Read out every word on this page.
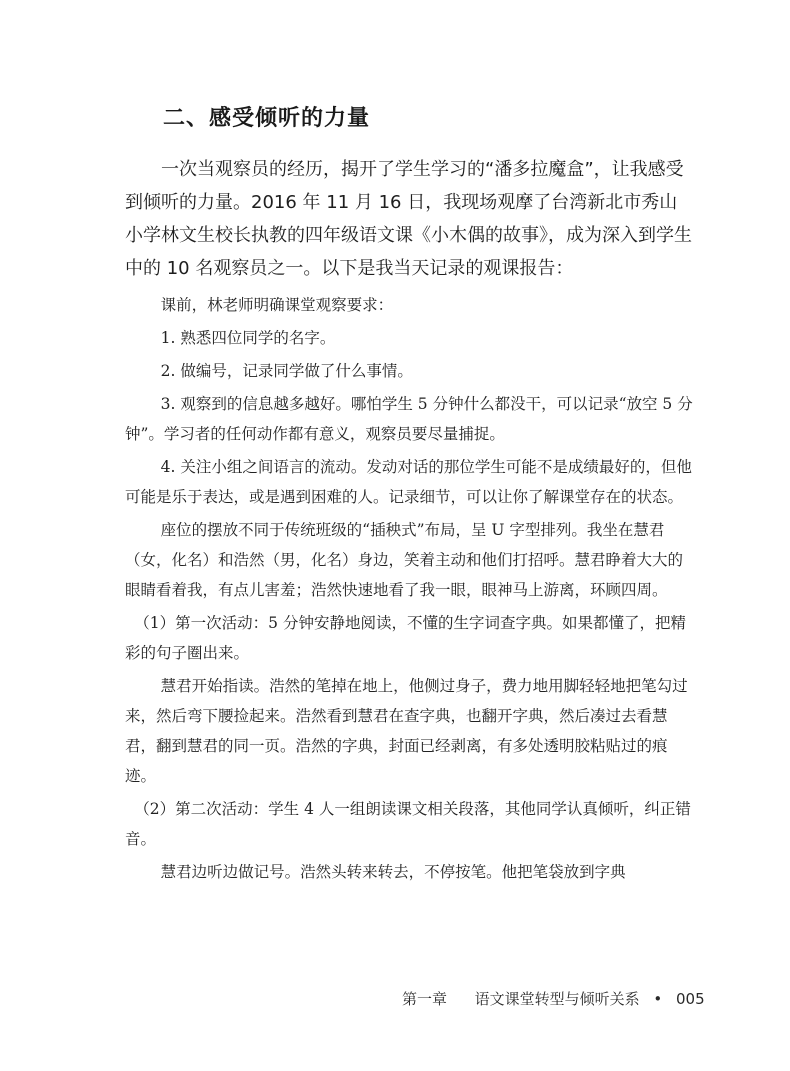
二、感受倾听的力量

一次当观察员的经历，揭开了学生学习的“潘多拉魔盒”，让我感受到倾听的力量。2016 年 11 月 16 日，我现场观摩了台湾新北市秀山小学林文生校长执教的四年级语文课《小木偶的故事》，成为深入到学生中的 10 名观察员之一。以下是我当天记录的观课报告：

课前，林老师明确课堂观察要求：

1. 熟悉四位同学的名字。

2. 做编号，记录同学做了什么事情。

3. 观察到的信息越多越好。哪怕学生 5 分钟什么都没干，可以记录“放空 5 分钟”。学习者的任何动作都有意义，观察员要尽量捕捉。

4. 关注小组之间语言的流动。发动对话的那位学生可能不是成绩最好的，但他可能是乐于表达，或是遇到困难的人。记录细节，可以让你了解课堂存在的状态。

座位的摆放不同于传统班级的“插秧式”布局，呈 U 字型排列。我坐在慧君（女，化名）和浩然（男，化名）身边，笑着主动和他们打招呼。慧君睁着大大的眼睛看着我，有点儿害羞；浩然快速地看了我一眼，眼神马上游离，环顾四周。

（1）第一次活动：5 分钟安静地阅读，不懂的生字词查字典。如果都懂了，把精彩的句子圈出来。

慧君开始指读。浩然的笔掉在地上，他侧过身子，费力地用脚轻轻地把笔勾过来，然后弯下腰捡起来。浩然看到慧君在查字典，也翻开字典，然后凑过去看慧君，翻到慧君的同一页。浩然的字典，封面已经剥离，有多处透明胶粘贴过的痕迹。

（2）第二次活动：学生 4 人一组朗读课文相关段落，其他同学认真倾听，纠正错音。

慧君边听边做记号。浩然头转来转去，不停按笔。他把笔袋放到字典

第一章 语文课堂转型与倾听关系 • 005
